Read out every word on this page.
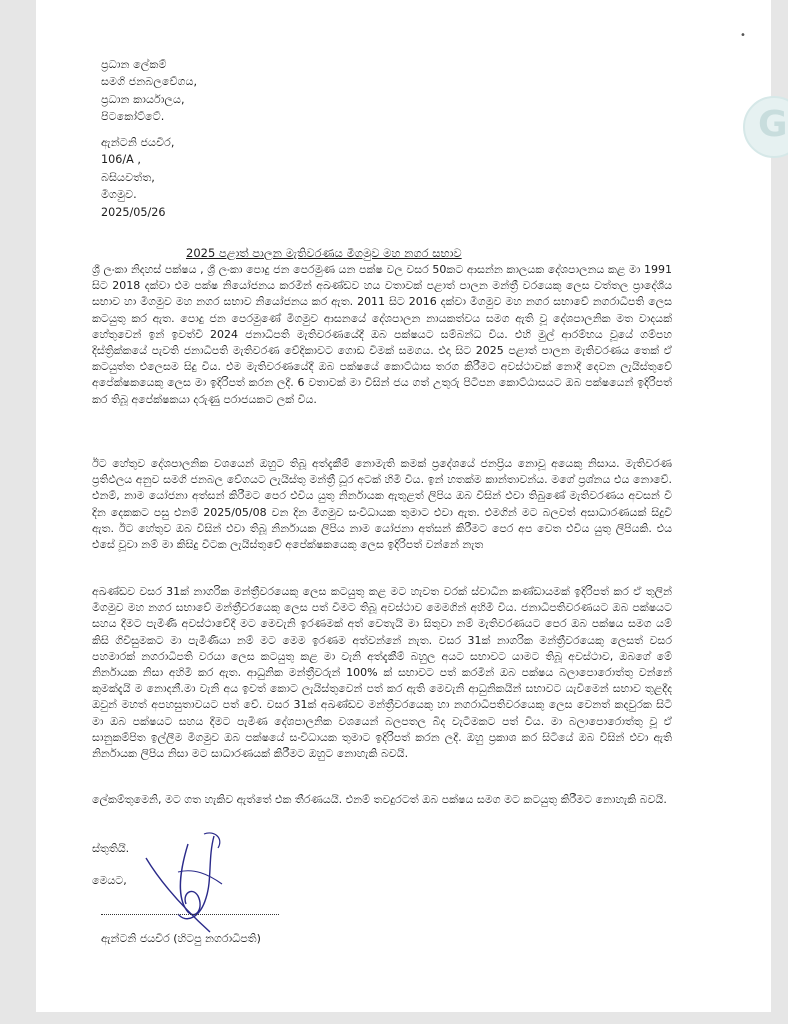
•
G
ප්‍රධාන ලේකම්
සමගි ජනබලවේගය,
ප්‍රධාන කාර්යාලය,
පිටකෝට්ටේ.
ඇන්ටනි ජයවීර,
106/A ,
බසියවත්ත,
මීගමුව.
2025/05/26
2025 පළාත් පාලන මැතිවරණය මීගමුව මහ නගර සභාව
ශ්‍රී ලංකා නිදහස් පක්ෂය , ශ්‍රී ලංකා පොදු ජන පෙරමුණ යන පක්ෂ වල වසර 50කට ආසන්න කාලයක දේශපාලනය කළ මා 1991 සිට 2018 දක්වා එම පක්ෂ නියෝජනය කරමින් අඛණ්ඩව හය වතාවක් පළාත් පාලන මන්ත්‍රී වරයෙකු ලෙස වත්තල ප්‍රාදේශීය සභාව හා මීගමුව මහ නගර සභාව නියෝජනය කර ඇත. 2011 සිට 2016 දක්වා මීගමුව මහ නගර සභාවේ නගරාධිපති ලෙස කටයුතු කර ඇත. පොදු ජන පෙරමුණේ මීගමුව ආසනයේ දේශපාලන නායකත්වය සමග ඇති වූ දේශපාලනික මත වාදයක් හේතුවෙන් ඉන් ඉවත්වී 2024 ජනාධිපති මැතිවරණයේදී ඔබ පක්ෂයට සම්බන්ධ විය. එහි මුල් ආරම්භය වූයේ ගම්පහ දිස්ත්‍රික්කයේ පැවති ජනාධිපති මැතිවරණ වේදිකාවට ගොඩ වීමක් සමගය. එදා සිට 2025 පළාත් පාලන මැතිවරණය තෙක් ඒ කටයුත්ත එලෙසම සිදු විය. එම මැතිවරණයේදී ඔබ පක්ෂයේ කොට්ඨාස තරග කිරීමට අවස්ථාවක් නොදී දෙවන ලැයිස්තුවේ අපේක්ෂකයෙකු ලෙස මා ඉදිරිපත් කරන ලදී. 6 වතාවක් මා විසින් ජය ගත් උතුරු පිටිපන කොට්ඨාසයට ඔබ පක්ෂයෙන් ඉදිරිපත් කර තිබූ අපේක්ෂකයා දරුණු පරාජයකට ලක් විය.
ඊට හේතුව දේශපාලනික වශයෙන් ඔහුට තිබූ අත්දැකීම් නොමැති කමක් ප්‍රදේශයේ ජනප්‍රිය නොවූ අයෙකු නිසාය. මැතිවරණ ප්‍රතිඵලය අනුව සමගි ජනබල වේගයට ලැයිස්තු මන්ත්‍රී ධූර අටක් හිමි විය. ඉන් හතක්ම කාන්තාවන්ය. මගේ ප්‍රශ්නය එය නොවේ. එනම්, නාම යෝජනා අත්සන් කිරීමට පෙර එවිය යුතු නිර්නායක ඇතුළත් ලිපිය ඔබ විසින් එවා තිබුණේ මැතිවරණය අවසන් වී දින දෙකකට පසු එනම් 2025/05/08 වන දින මීගමුව සංවිධායක තුමාට එවා ඇත. එමගින් මට බලවත් අසාධාරණයක් සිදුවී ඇත. ඊට හේතුව ඔබ විසින් එවා තිබූ නිර්නායක ලිපිය නාම යෝජනා අත්සන් කිරීමට පෙර අප වෙත එවිය යුතු ලිපියකි. එය එසේ වූවා නම් මා කිසිදු විටක ලැයිස්තුවේ අපේක්ෂකයෙකු ලෙස ඉදිරිපත් වන්නේ නැත
අඛණ්ඩව වසර 31ක් නාගරික මන්ත්‍රීවරයෙකු ලෙස කටයුතු කළ මට හැවත වරක් ස්වාධීන කණ්ඩායමක් ඉදිරිපත් කර ඒ තුලින් මීගමුව මහ නගර සභාවේ මන්ත්‍රීවරයෙකු ලෙස පත් වීමට තිබූ අවස්ථාව මෙමගින් අහිමි විය. ජනාධිපතිවරණයට ඔබ පක්ෂයට සහය දීමට පැමිණි අවස්ථාවේදී මට මෙවැනි ඉරණමක් අත් වෙතැයි මා සිතුවා නම් මැතිවරණයට පෙර ඔබ පක්ෂය සමග යම් කිසි ගිවිසුමකට මා පැමිණියා නම් මට මෙම ඉරණම අත්වන්නේ නැත. වසර 31ක් නාගරික මන්ත්‍රීවරයෙකු ලෙසත් වසර පහමාරක් නගරාධිපති වරයා ලෙස කටයුතු කළ මා වැනි අත්දැකීම් බහුල අයට සභාවට යාමට තිබූ අවස්ථාව, ඔබගේ මේ නිර්නායක නිසා අහිමි කර ඇත. ආධුනික මන්ත්‍රීවරුන් 100% ක් සභාවට පත් කරමින් ඔබ පක්ෂය බලාපොරොත්තු වන්නේ කුමක්දැයි ම නොදනී.මා වැනි අය ඉවත් කොට ලැයිස්තුවෙන් පත් කර ඇති මෙවැනි ආධුනිකයින් සභාවට යැවීමෙන් සභාව තුළදීද ඔවුන් මහත් අපහසුතාවයට පත් වේ. වසර 31ක් අඛණ්ඩව මන්ත්‍රීවරයෙකු හා නගරාධිපතිවරයෙකු ලෙස වෙනත් කදවුරක සිටි මා ඔබ පක්ෂයට සහය දීමට පැමිණ දේශපාලනික වශයෙන් බලපතල බිද වැටීමකට පත් විය. මා බලාපොරොත්තු වූ ඒ සානුකම්පිත ඉල්ලීම මීගමුව ඔබ පක්ෂයේ සංවිධායක තුමාට ඉදිරිපත් කරන ලදී. ඔහු ප්‍රකාශ කර සිටියේ ඔබ විසින් එවා ඇති නිර්නායක ලිපිය නිසා මට සාධාරණයක් කිරීමට ඔහුට නොහැකි බවයි.
ලේකම්තුමෙනි, මට ගත හැකිව ඇත්තේ එක තීරණයයි. එනම් තවදුරටත් ඔබ පක්ෂය සමග මට කටයුතු කිරීමට නොහැකි බවයි.
ස්තුතියි.
මෙයට,
ඇන්ටනි ජයවීර (හිටපු නගරාධිපති)
